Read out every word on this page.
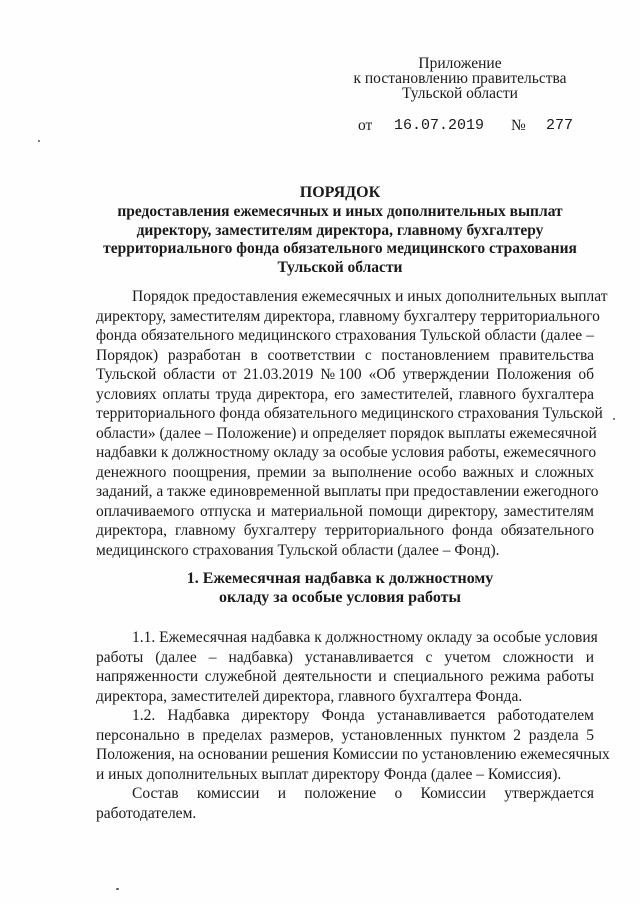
Приложение
к постановлению правительства
Тульской области
от 16.07.2019 № 277
ПОРЯДОК
предоставления ежемесячных и иных дополнительных выплат
директору, заместителям директора, главному бухгалтеру
территориального фонда обязательного медицинского страхования
Тульской области
Порядок предоставления ежемесячных и иных дополнительных выплат
директору, заместителям директора, главному бухгалтеру территориального
фонда обязательного медицинского страхования Тульской области (далее –
Порядок) разработан в соответствии с постановлением правительства
Тульской области от 21.03.2019 №100 «Об утверждении Положения об
условиях оплаты труда директора, его заместителей, главного бухгалтера
территориального фонда обязательного медицинского страхования Тульской
области» (далее – Положение) и определяет порядок выплаты ежемесячной
надбавки к должностному окладу за особые условия работы, ежемесячного
денежного поощрения, премии за выполнение особо важных и сложных
заданий, а также единовременной выплаты при предоставлении ежегодного
оплачиваемого отпуска и материальной помощи директору, заместителям
директора, главному бухгалтеру территориального фонда обязательного
медицинского страхования Тульской области (далее – Фонд).
1. Ежемесячная надбавка к должностному
окладу за особые условия работы
1.1. Ежемесячная надбавка к должностному окладу за особые условия
работы (далее – надбавка) устанавливается с учетом сложности и
напряженности служебной деятельности и специального режима работы
директора, заместителей директора, главного бухгалтера Фонда.
1.2. Надбавка директору Фонда устанавливается работодателем
персонально в пределах размеров, установленных пунктом 2 раздела 5
Положения, на основании решения Комиссии по установлению ежемесячных
и иных дополнительных выплат директору Фонда (далее – Комиссия).
Состав комиссии и положение о Комиссии утверждается
работодателем.
